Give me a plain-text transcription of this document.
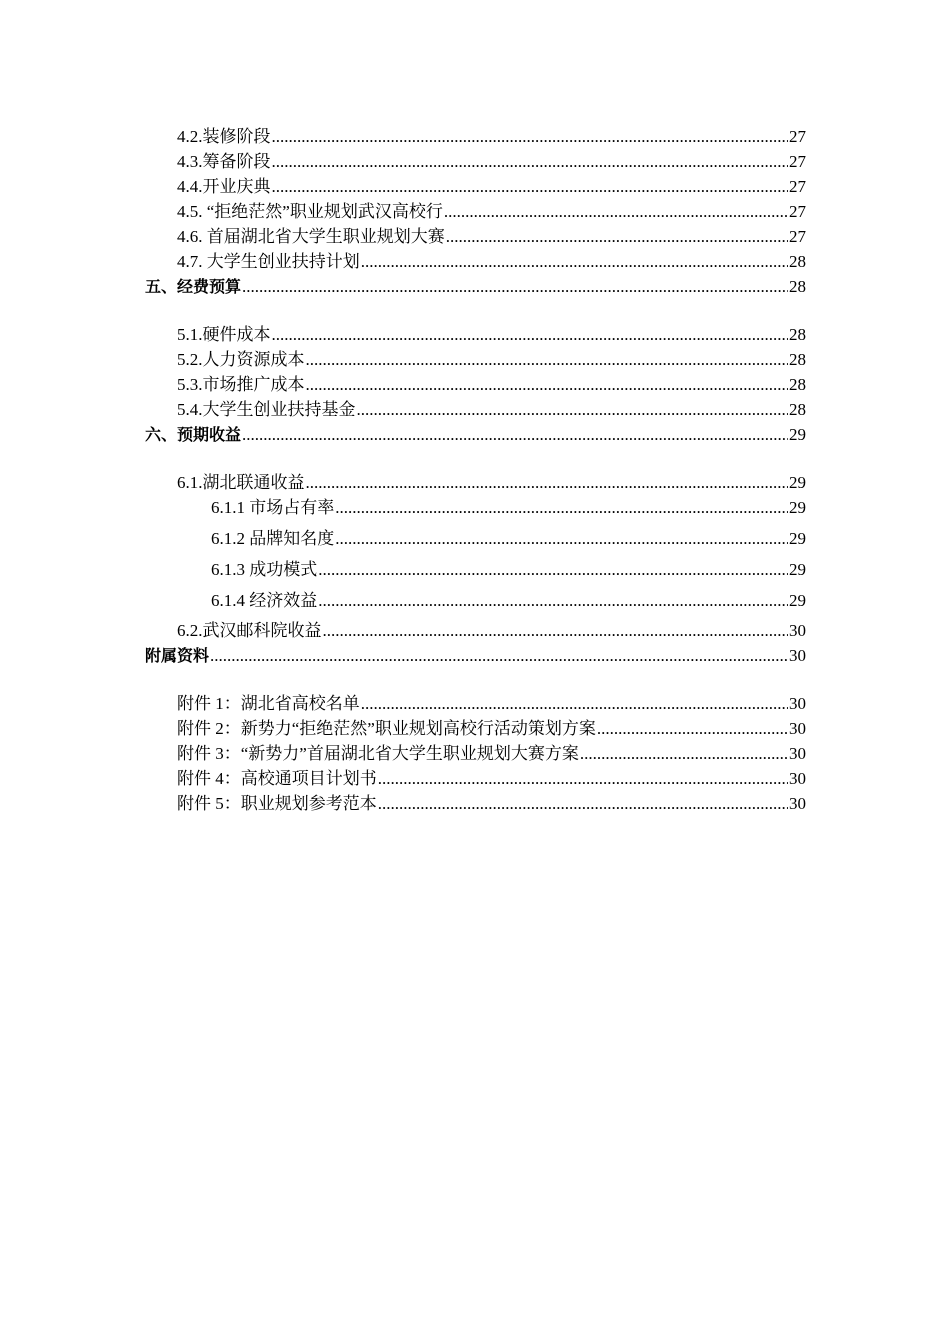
4.2.装修阶段 .....	27
4.3.筹备阶段 .....	27
4.4.开业庆典 .....	27
4.5. “拒绝茫然”职业规划武汉高校行 .....	27
4.6. 首届湖北省大学生职业规划大赛 .....	27
4.7. 大学生创业扶持计划 .....	28
五、经费预算 .....	28
5.1.硬件成本 .....	28
5.2.人力资源成本 .....	28
5.3.市场推广成本 .....	28
5.4.大学生创业扶持基金 .....	28
六、预期收益 .....	29
6.1.湖北联通收益 .....	29
6.1.1 市场占有率 .....	29
6.1.2 品牌知名度 .....	29
6.1.3 成功模式 .....	29
6.1.4 经济效益 .....	29
6.2.武汉邮科院收益 .....	30
附属资料 .....	30
附件 1：湖北省高校名单 .....	30
附件 2：新势力“拒绝茫然”职业规划高校行活动策划方案 .....	30
附件 3：“新势力”首届湖北省大学生职业规划大赛方案 .....	30
附件 4：高校通项目计划书 .....	30
附件 5：职业规划参考范本 .....	30
